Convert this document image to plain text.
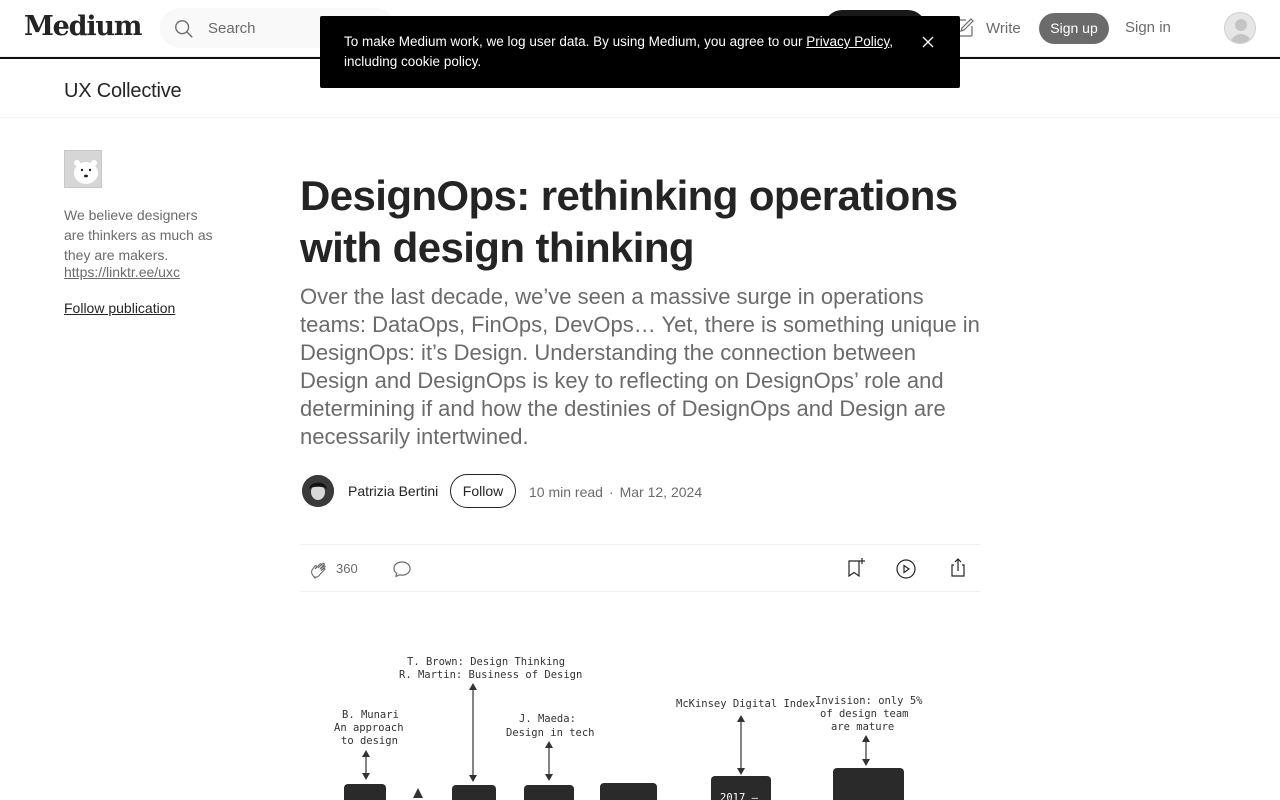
Medium	Search	Write	Sign up	Sign in
UX Collective
To make Medium work, we log user data. By using Medium, you agree to our Privacy Policy, including cookie policy.
We believe designers are thinkers as much as they are makers.
https://linktr.ee/uxc
Follow publication
DesignOps: rethinking operations with design thinking

Over the last decade, we’ve seen a massive surge in operations teams: DataOps, FinOps, DevOps… Yet, there is something unique in DesignOps: it’s Design. Understanding the connection between Design and DesignOps is key to reflecting on DesignOps’ role and determining if and how the destinies of DesignOps and Design are necessarily intertwined.

Patrizia Bertini	Follow	10 min read · Mar 12, 2024
360
T. Brown: Design Thinking
R. Martin: Business of Design
B. Munari
An approach
to design
J. Maeda:
Design in tech
McKinsey Digital Index Invision: only 5%
of design team
are mature
2017 –
